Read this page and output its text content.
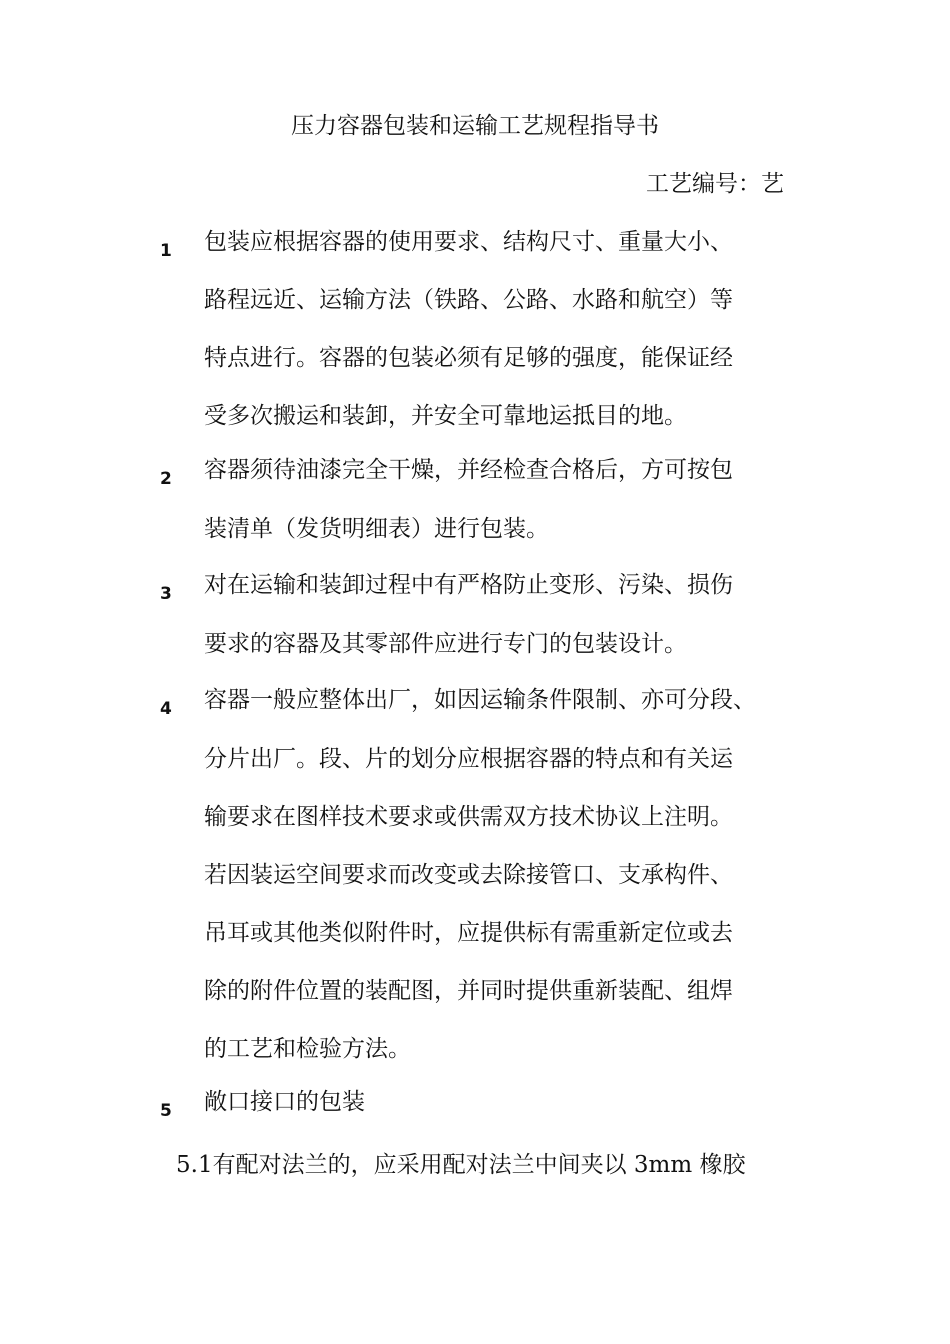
压力容器包装和运输工艺规程指导书
工艺编号：艺
1 包装应根据容器的使用要求、结构尺寸、重量大小、
路程远近、运输方法（铁路、公路、水路和航空）等
特点进行。容器的包装必须有足够的强度，能保证经
受多次搬运和装卸，并安全可靠地运抵目的地。
2 容器须待油漆完全干燥，并经检查合格后，方可按包
装清单（发货明细表）进行包装。
3 对在运输和装卸过程中有严格防止变形、污染、损伤
要求的容器及其零部件应进行专门的包装设计。
4 容器一般应整体出厂，如因运输条件限制、亦可分段、
分片出厂。段、片的划分应根据容器的特点和有关运
输要求在图样技术要求或供需双方技术协议上注明。
若因装运空间要求而改变或去除接管口、支承构件、
吊耳或其他类似附件时，应提供标有需重新定位或去
除的附件位置的装配图，并同时提供重新装配、组焊
的工艺和检验方法。
5 敞口接口的包装
5.1有配对法兰的，应采用配对法兰中间夹以 3mm 橡胶
